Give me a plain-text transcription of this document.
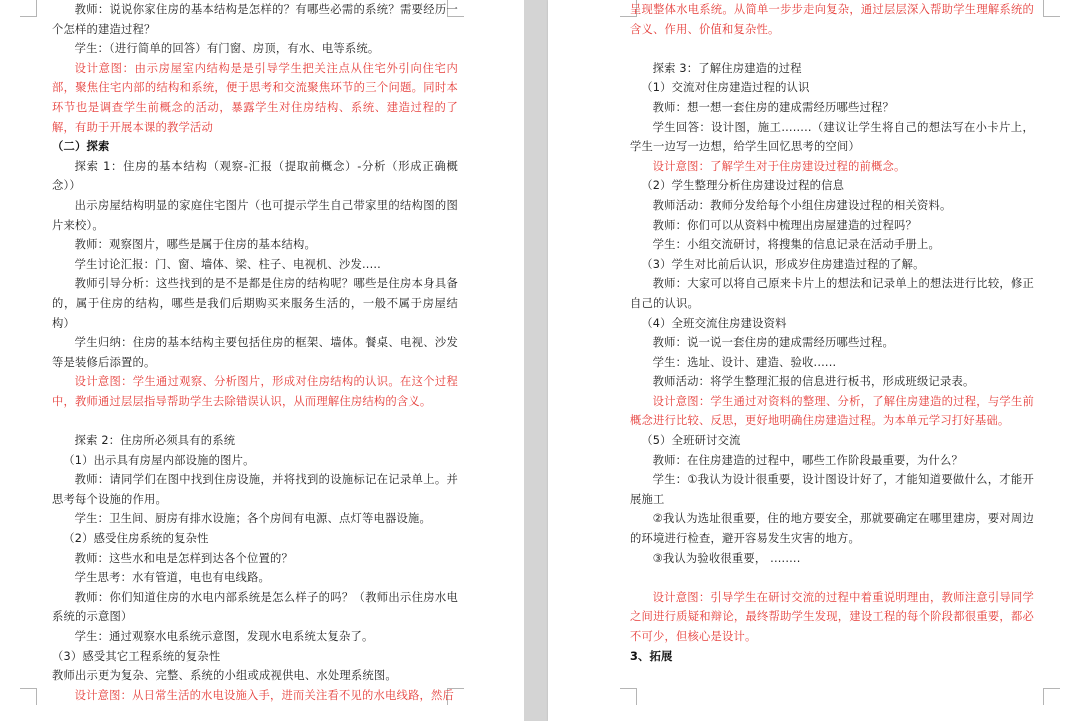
教师：说说你家住房的基本结构是怎样的？有哪些必需的系统？需要经历一个怎样的建造过程？

学生：（进行简单的回答）有门窗、房顶，有水、电等系统。

设计意图：由示房屋室内结构是是引导学生把关注点从住宅外引向住宅内部，聚焦住宅内部的结构和系统，便于思考和交流聚焦环节的三个问题。同时本环节也是调查学生前概念的活动，暴露学生对住房结构、系统、建造过程的了解，有助于开展本课的教学活动

（二）探索

探索 1：住房的基本结构（观察-汇报（提取前概念）-分析（形成正确概念））

出示房屋结构明显的家庭住宅图片（也可提示学生自己带家里的结构图的图片来校）。

教师：观察图片，哪些是属于住房的基本结构。

学生讨论汇报：门、窗、墙体、梁、柱子、电视机、沙发.....

教师引导分析：这些找到的是不是都是住房的结构呢？哪些是住房本身具备的，属于住房的结构，哪些是我们后期购买来服务生活的，一般不属于房屋结构）

学生归纳：住房的基本结构主要包括住房的框架、墙体。餐桌、电视、沙发等是装修后添置的。

设计意图：学生通过观察、分析图片，形成对住房结构的认识。在这个过程中，教师通过层层指导帮助学生去除错误认识，从而理解住房结构的含义。

探索 2：住房所必须具有的系统

（1）出示具有房屋内部设施的图片。

教师：请同学们在图中找到住房设施，并将找到的设施标记在记录单上。并思考每个设施的作用。

学生：卫生间、厨房有排水设施；各个房间有电源、点灯等电器设施。

（2）感受住房系统的复杂性

教师：这些水和电是怎样到达各个位置的？

学生思考：水有管道，电也有电线路。

教师：你们知道住房的水电内部系统是怎么样子的吗？（教师出示住房水电系统的示意图）

学生：通过观察水电系统示意图，发现水电系统太复杂了。

（3）感受其它工程系统的复杂性

教师出示更为复杂、完整、系统的小组或成视供电、水处理系统图。

设计意图：从日常生活的水电设施入手，进而关注看不见的水电线路，然后

呈现整体水电系统。从简单一步步走向复杂，通过层层深入帮助学生理解系统的含义、作用、价值和复杂性。

探索 3：了解住房建造的过程

（1）交流对住房建造过程的认识

教师：想一想一套住房的建成需经历哪些过程？

学生回答：设计图，施工........（建议让学生将自己的想法写在小卡片上，学生一边写一边想，给学生回忆思考的空间）

设计意图：了解学生对于住房建设过程的前概念。

（2）学生整理分析住房建设过程的信息

教师活动：教师分发给每个小组住房建设过程的相关资料。

教师：你们可以从资料中梳理出房屋建造的过程吗？

学生：小组交流研讨，将搜集的信息记录在活动手册上。

（3）学生对比前后认识，形成岁住房建造过程的了解。

教师：大家可以将自己原来卡片上的想法和记录单上的想法进行比较，修正自己的认识。

（4）全班交流住房建设资料

教师：说一说一套住房的建成需经历哪些过程。

学生：选址、设计、建造、验收......

教师活动：将学生整理汇报的信息进行板书，形成班级记录表。

设计意图：学生通过对资料的整理、分析，了解住房建造的过程，与学生前概念进行比较、反思，更好地明确住房建造过程。为本单元学习打好基础。

（5）全班研讨交流

教师：在住房建造的过程中，哪些工作阶段最重要，为什么？

学生：①我认为设计很重要，设计图设计好了，才能知道要做什么，才能开展施工

②我认为选址很重要，住的地方要安全，那就要确定在哪里建房，要对周边的环境进行检查，避开容易发生灾害的地方。

③我认为验收很重要， ........

设计意图：引导学生在研讨交流的过程中着重说明理由，教师注意引导同学之间进行质疑和辩论，最终帮助学生发现，建设工程的每个阶段都很重要，都必不可少，但核心是设计。

3、拓展
